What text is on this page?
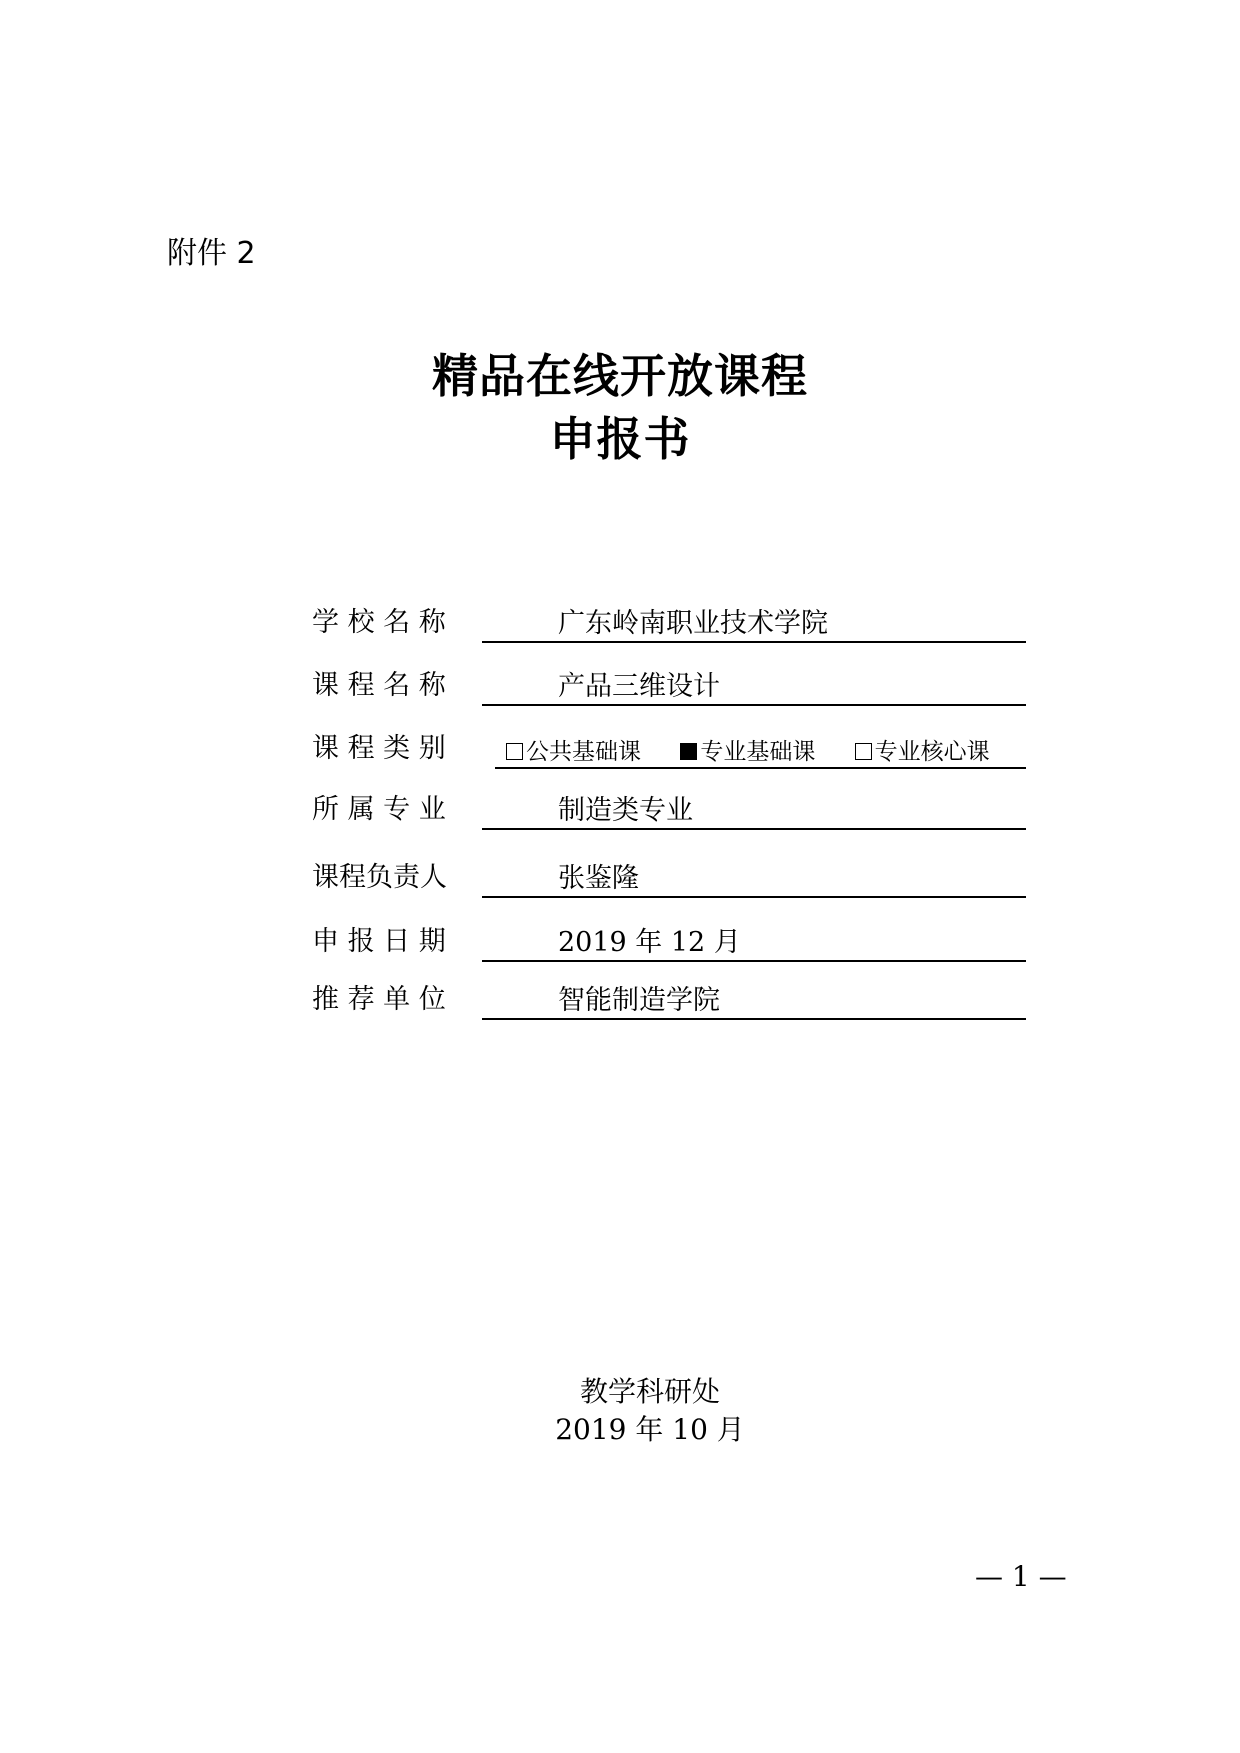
附件 2
精品在线开放课程
申报书
学 校 名 称	广东岭南职业技术学院
课 程 名 称	产品三维设计
课 程 类 别	公共基础课	专业基础课	专业核心课
所 属 专 业	制造类专业
课程负责人	张鉴隆
申 报 日 期	2019 年 12 月
推 荐 单 位	智能制造学院
教学科研处
2019 年 10 月
— 1 —
